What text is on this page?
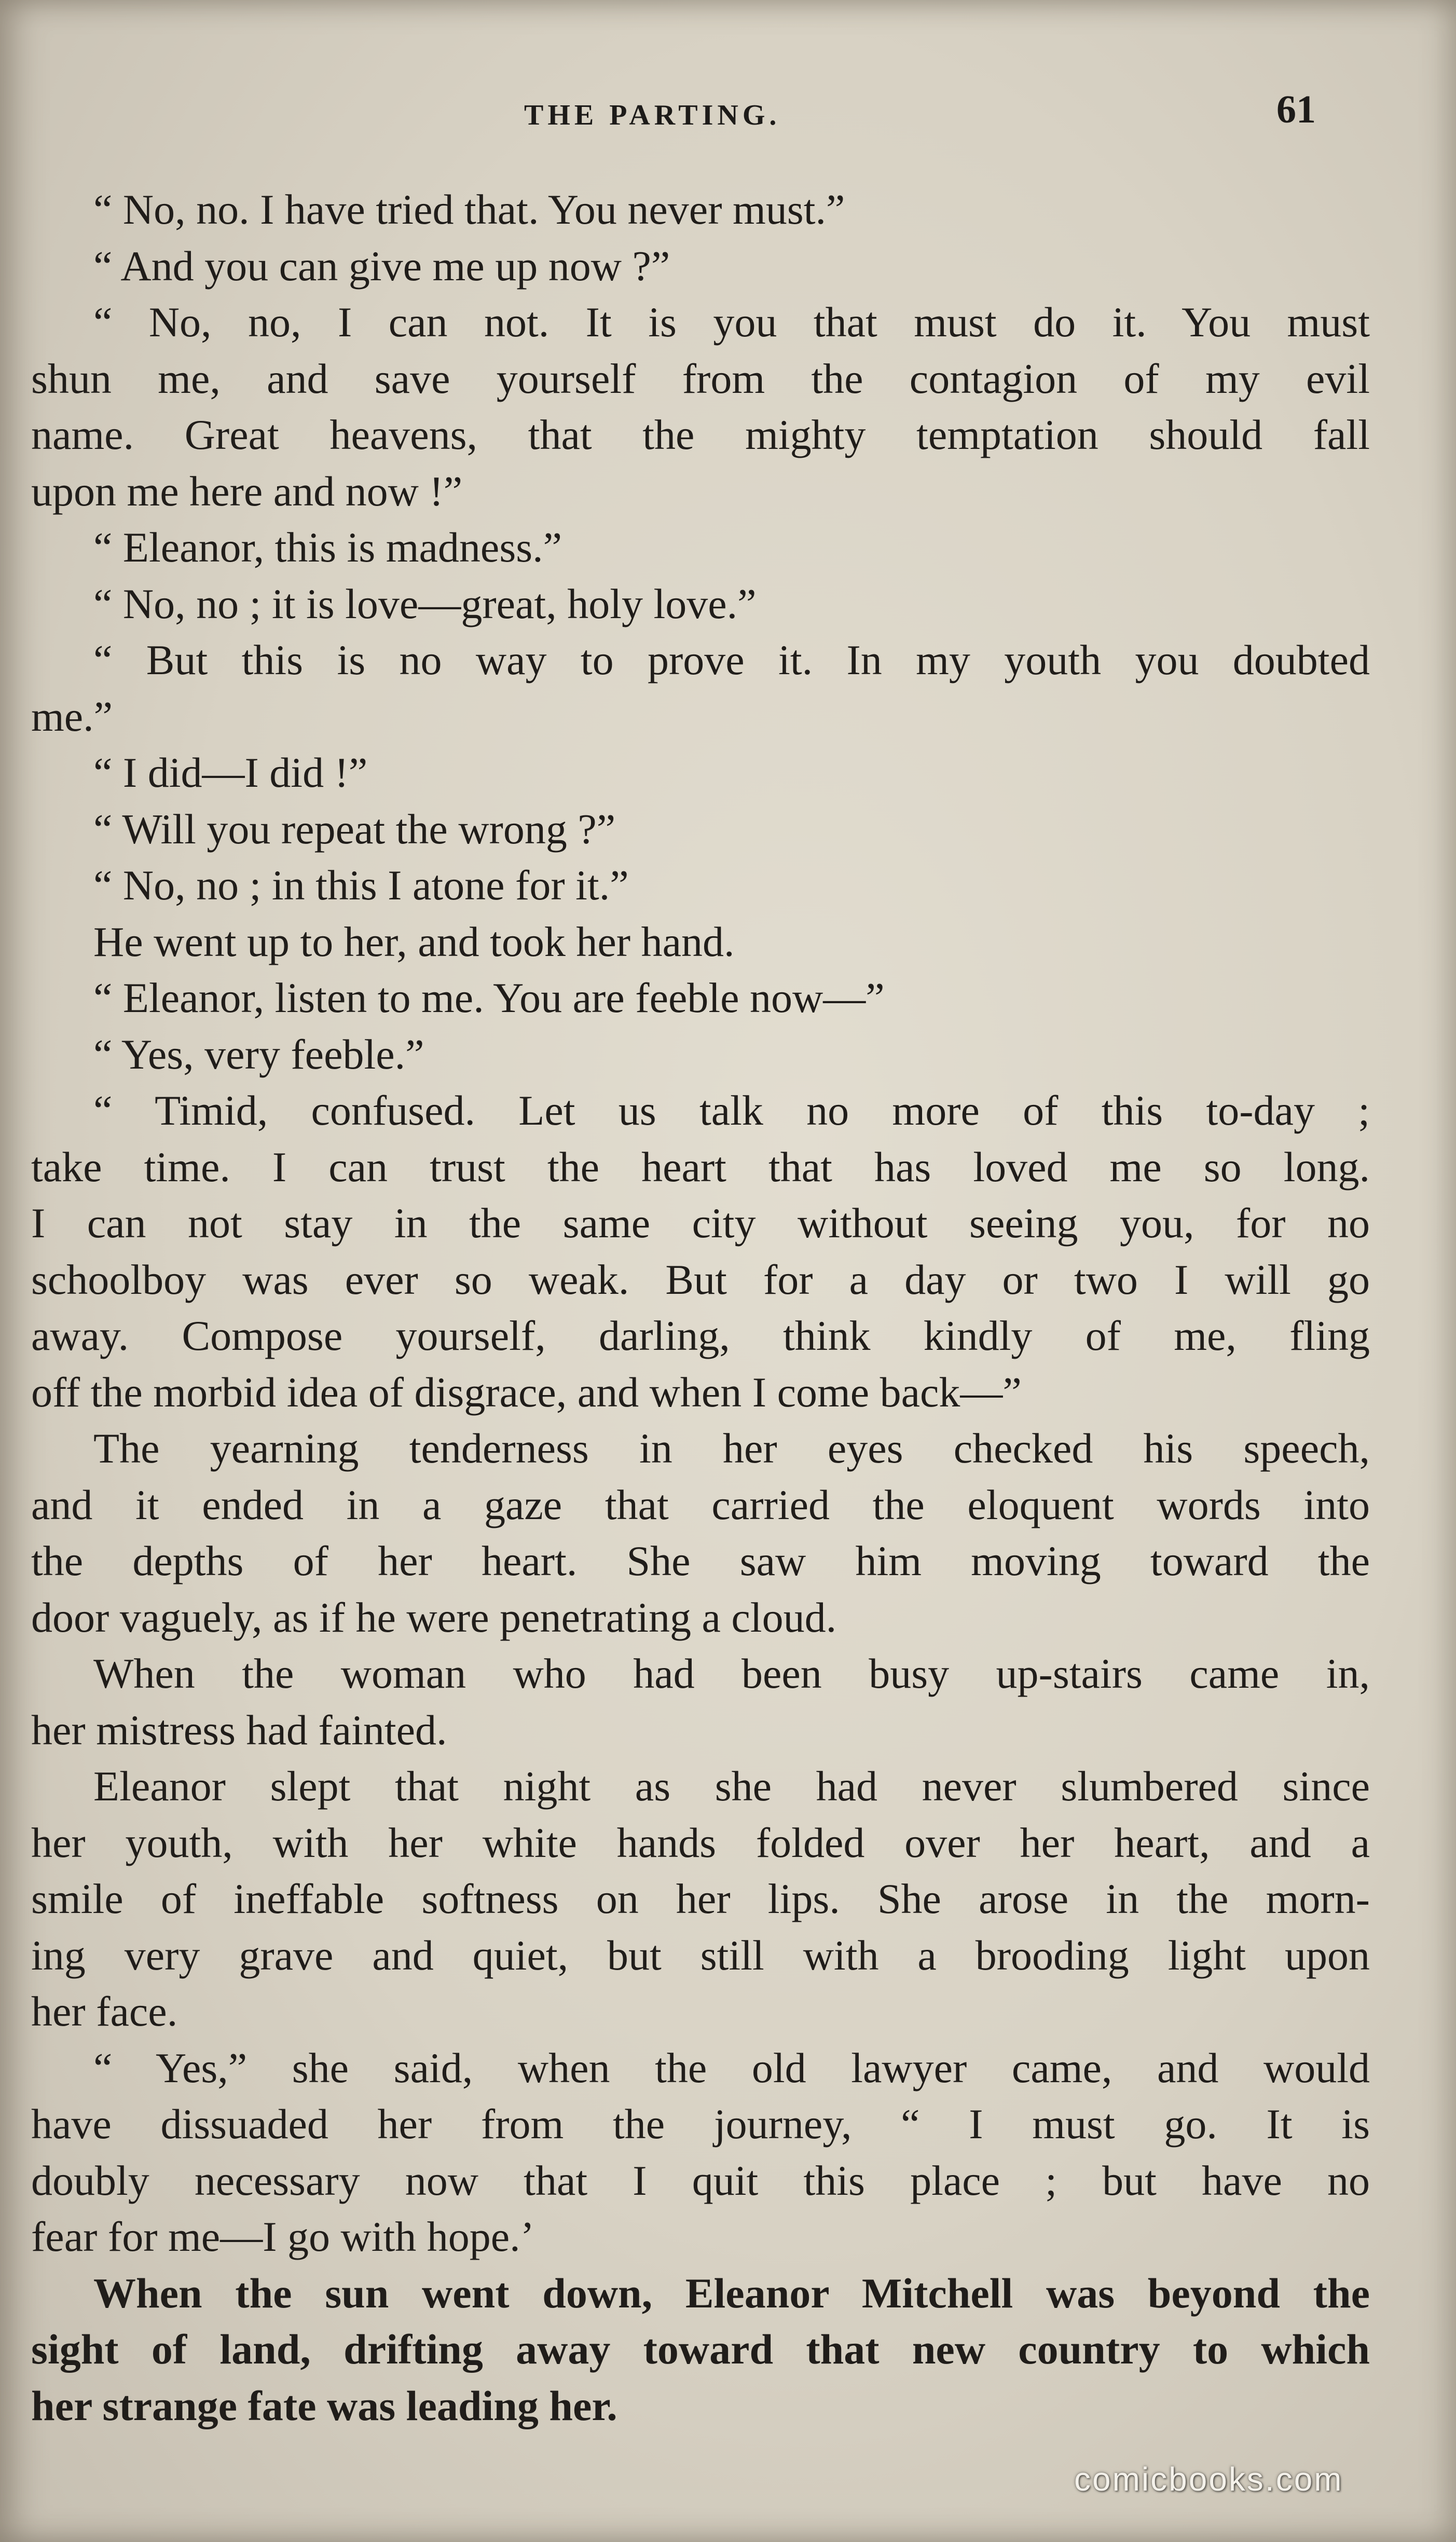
THE PARTING.	61
“ No, no. I have tried that. You never must.”
“ And you can give me up now ?”
“ No, no, I can not. It is you that must do it. You must
shun me, and save yourself from the contagion of my evil
name. Great heavens, that the mighty temptation should fall
upon me here and now !”
“ Eleanor, this is madness.”
“ No, no ; it is love—great, holy love.”
“ But this is no way to prove it. In my youth you doubted
me.”
“ I did—I did !”
“ Will you repeat the wrong ?”
“ No, no ; in this I atone for it.”
He went up to her, and took her hand.
“ Eleanor, listen to me. You are feeble now—”
“ Yes, very feeble.”
“ Timid, confused. Let us talk no more of this to-day ;
take time. I can trust the heart that has loved me so long.
I can not stay in the same city without seeing you, for no
schoolboy was ever so weak. But for a day or two I will go
away. Compose yourself, darling, think kindly of me, fling
off the morbid idea of disgrace, and when I come back—”
The yearning tenderness in her eyes checked his speech,
and it ended in a gaze that carried the eloquent words into
the depths of her heart. She saw him moving toward the
door vaguely, as if he were penetrating a cloud.
When the woman who had been busy up-stairs came in,
her mistress had fainted.
Eleanor slept that night as she had never slumbered since
her youth, with her white hands folded over her heart, and a
smile of ineffable softness on her lips. She arose in the morn-
ing very grave and quiet, but still with a brooding light upon
her face.
“ Yes,” she said, when the old lawyer came, and would
have dissuaded her from the journey, “ I must go. It is
doubly necessary now that I quit this place ; but have no
fear for me—I go with hope.’
When the sun went down, Eleanor Mitchell was beyond the
sight of land, drifting away toward that new country to which
her strange fate was leading her.
comicbooks.com
